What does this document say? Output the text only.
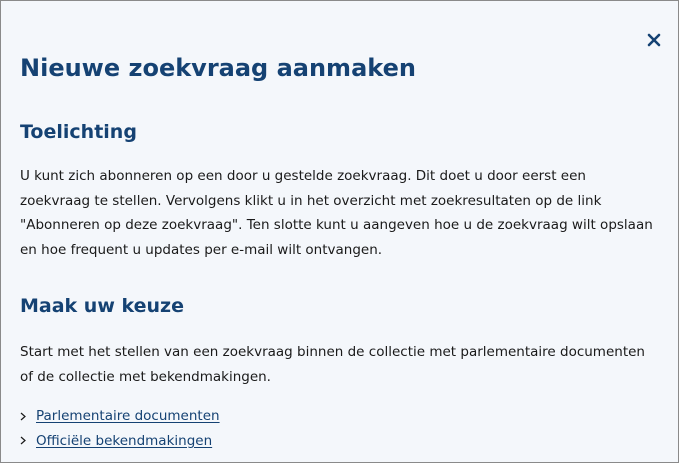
Nieuwe zoekvraag aanmaken
Toelichting

U kunt zich abonneren op een door u gestelde zoekvraag. Dit doet u door eerst een
zoekvraag te stellen. Vervolgens klikt u in het overzicht met zoekresultaten op de link
"Abonneren op deze zoekvraag". Ten slotte kunt u aangeven hoe u de zoekvraag wilt opslaan
en hoe frequent u updates per e-mail wilt ontvangen.

Maak uw keuze

Start met het stellen van een zoekvraag binnen de collectie met parlementaire documenten
of de collectie met bekendmakingen.

Parlementaire documenten
Officiële bekendmakingen
